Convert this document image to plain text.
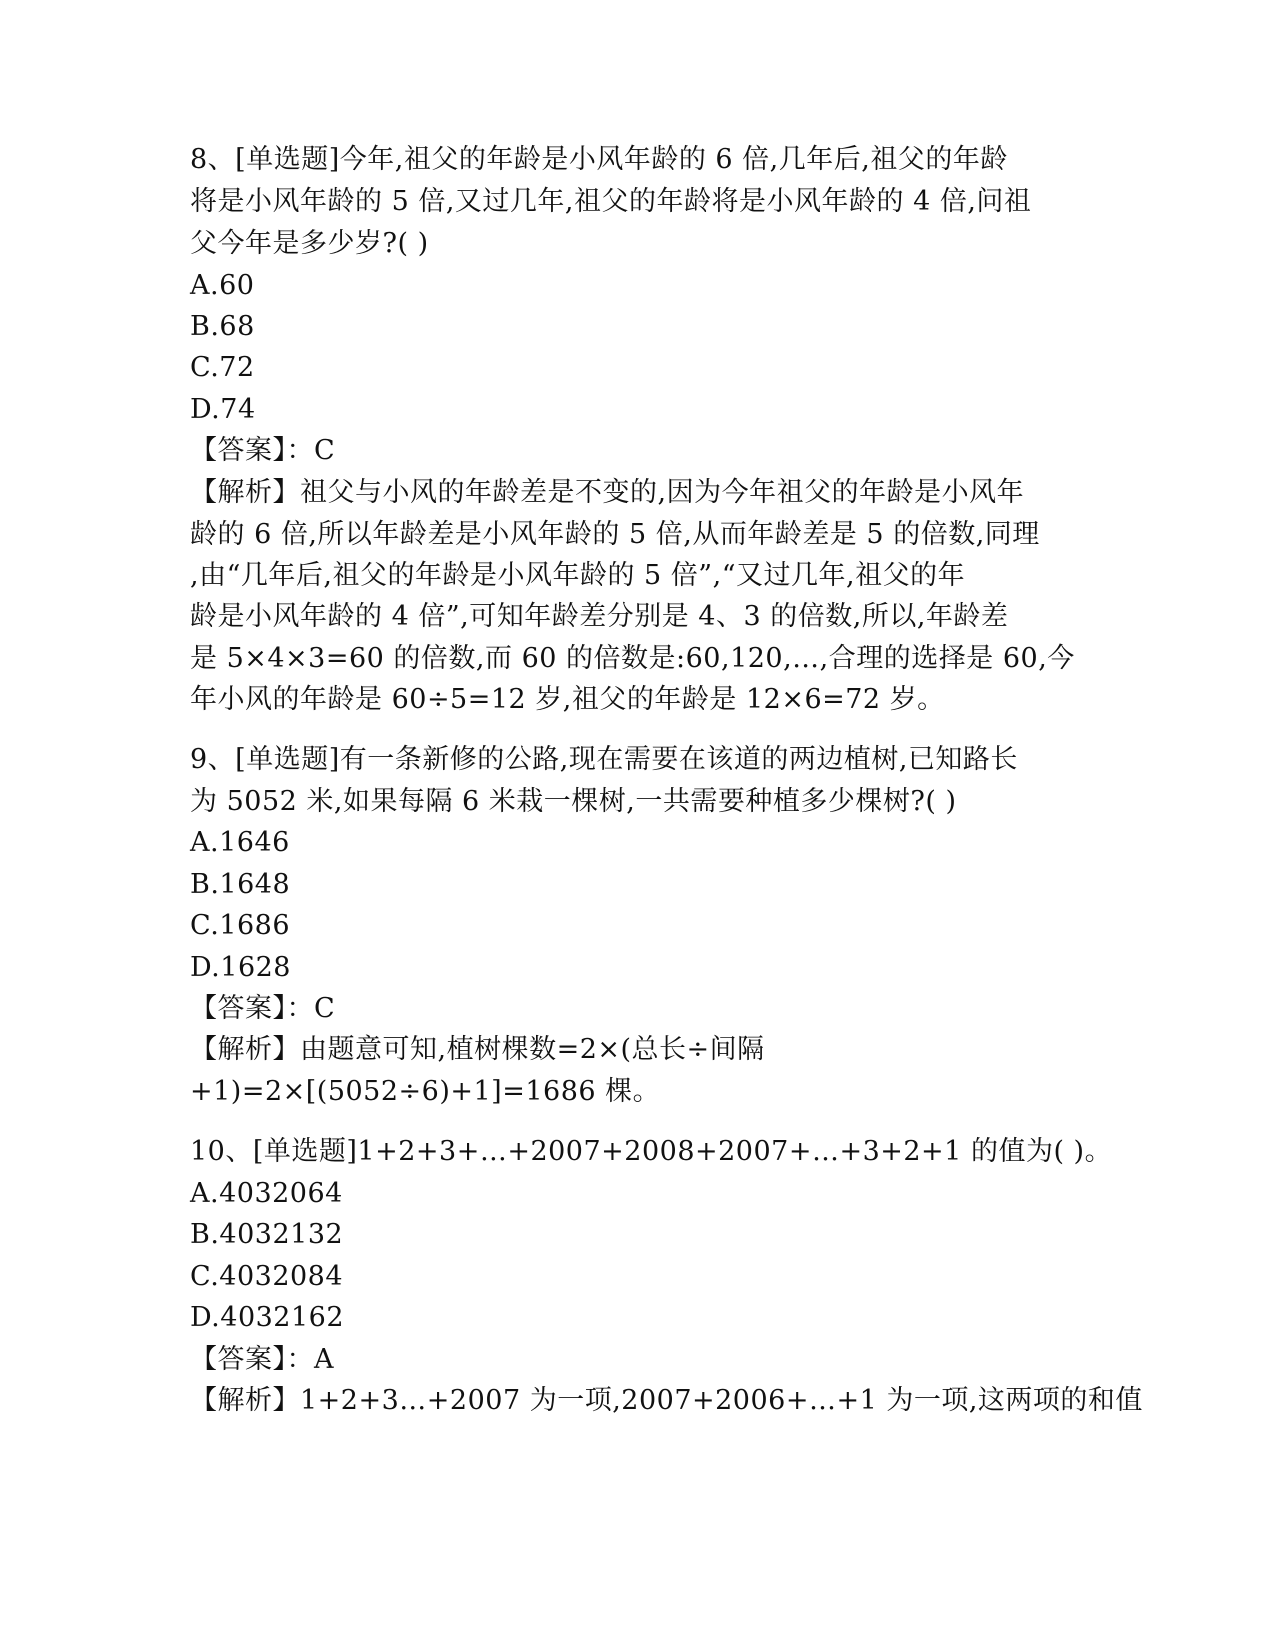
8、[单选题]今年,祖父的年龄是小风年龄的 6 倍,几年后,祖父的年龄
将是小风年龄的 5 倍,又过几年,祖父的年龄将是小风年龄的 4 倍,问祖
父今年是多少岁?( )
A.60
B.68
C.72
D.74
【答案】：C
【解析】祖父与小风的年龄差是不变的,因为今年祖父的年龄是小风年
龄的 6 倍,所以年龄差是小风年龄的 5 倍,从而年龄差是 5 的倍数,同理
,由“几年后,祖父的年龄是小风年龄的 5 倍”,“又过几年,祖父的年
龄是小风年龄的 4 倍”,可知年龄差分别是 4、3 的倍数,所以,年龄差
是 5×4×3=60 的倍数,而 60 的倍数是:60,120,…,合理的选择是 60,今
年小风的年龄是 60÷5=12 岁,祖父的年龄是 12×6=72 岁。
9、[单选题]有一条新修的公路,现在需要在该道的两边植树,已知路长
为 5052 米,如果每隔 6 米栽一棵树,一共需要种植多少棵树?( )
A.1646
B.1648
C.1686
D.1628
【答案】：C
【解析】由题意可知,植树棵数=2×(总长÷间隔
+1)=2×[(5052÷6)+1]=1686 棵。
10、[单选题]1+2+3+…+2007+2008+2007+…+3+2+1 的值为( )。
A.4032064
B.4032132
C.4032084
D.4032162
【答案】：A
【解析】1+2+3…+2007 为一项,2007+2006+…+1 为一项,这两项的和值
